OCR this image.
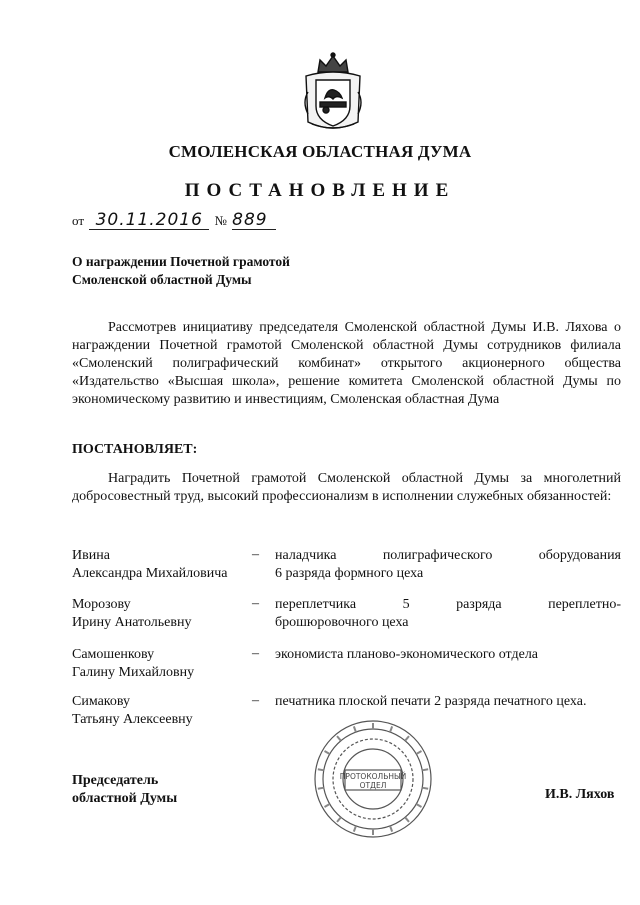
СМОЛЕНСКАЯ ОБЛАСТНАЯ ДУМА
ПОСТАНОВЛЕНИЕ
от 30.11.2016 № 889
О награждении Почетной грамотой
Смоленской областной Думы
Рассмотрев инициативу председателя Смоленской областной Думы И.В. Ляхова о награждении Почетной грамотой Смоленской областной Думы сотрудников филиала «Смоленский полиграфический комбинат» открытого акционерного общества «Издательство «Высшая школа», решение комитета Смоленской областной Думы по экономическому развитию и инвестициям, Смоленская областная Дума
ПОСТАНОВЛЯЕТ:
Наградить Почетной грамотой Смоленской областной Думы за многолетний добросовестный труд, высокий профессионализм в исполнении служебных обязанностей:
Ивина
Александра Михайловича
– наладчика полиграфического оборудования
6 разряда формного цеха
Морозову
Ирину Анатольевну
– переплетчика 5 разряда переплетно-
брошюровочного цеха
Самошенкову
Галину Михайловну
– экономиста планово-экономического отдела
Симакову
Татьяну Алексеевну
– печатника плоской печати 2 разряда печатного цеха.
ПРОТОКОЛЬНЫЙ
ОТДЕЛ
Председатель
областной Думы	И.В. Ляхов
